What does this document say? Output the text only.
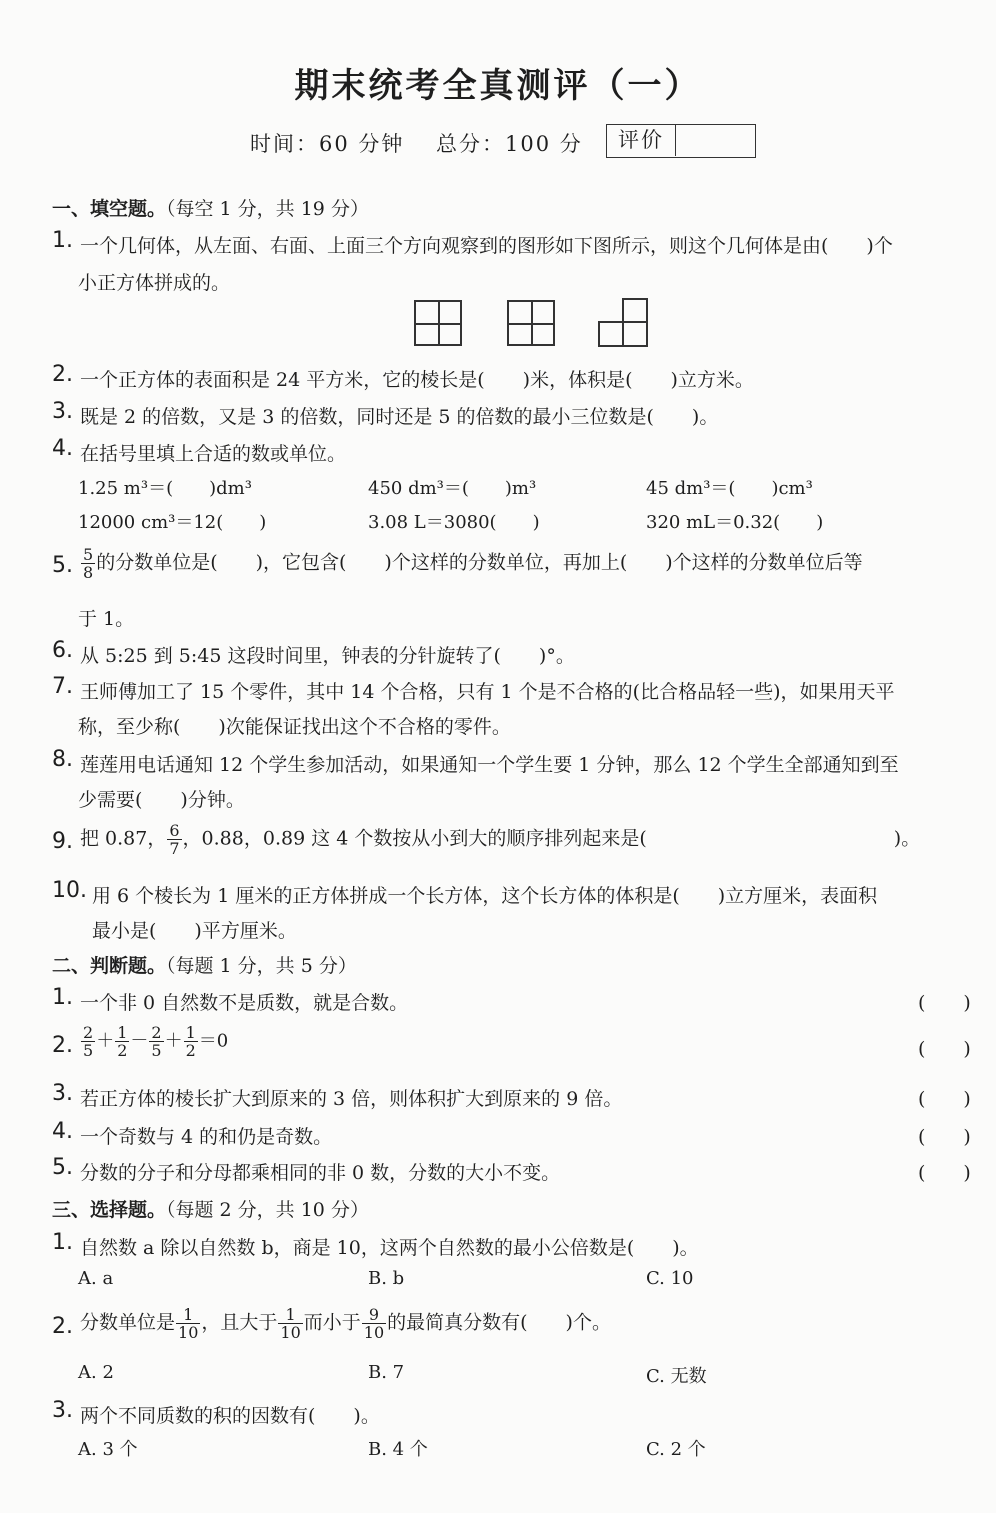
期末统考全真测评（一）
时间：60 分钟 总分：100 分	评价
一、填空题。（每空 1 分，共 19 分）
1. 一个几何体，从左面、右面、上面三个方向观察到的图形如下图所示，则这个几何体是由(　　)个
小正方体拼成的。
2. 一个正方体的表面积是 24 平方米，它的棱长是(　　)米，体积是(　　)立方米。
3. 既是 2 的倍数，又是 3 的倍数，同时还是 5 的倍数的最小三位数是(　　)。
4. 在括号里填上合适的数或单位。
1.25 m³＝(　　)dm³	450 dm³＝(　　)m³	45 dm³＝(　　)cm³
12000 cm³＝12(　　)	3.08 L＝3080(　　)	320 mL＝0.32(　　)
5. $\frac{5}{8}$ 的分数单位是(　　)，它包含(　　)个这样的分数单位，再加上(　　)个这样的分数单位后等
于 1。
6. 从 5:25 到 5:45 这段时间里，钟表的分针旋转了(　　)°。
7. 王师傅加工了 15 个零件，其中 14 个合格，只有 1 个是不合格的(比合格品轻一些)，如果用天平
称，至少称(　　)次能保证找出这个不合格的零件。
8. 莲莲用电话通知 12 个学生参加活动，如果通知一个学生要 1 分钟，那么 12 个学生全部通知到至
少需要(　　)分钟。
9. 把 0.87， $\frac{6}{7}$ ，0.88，0.89 这 4 个数按从小到大的顺序排列起来是(　　　　　　　　　　　　　)。
10. 用 6 个棱长为 1 厘米的正方体拼成一个长方体，这个长方体的体积是(　　)立方厘米，表面积
最小是(　　)平方厘米。
二、判断题。（每题 1 分，共 5 分）
1. 一个非 0 自然数不是质数，就是合数。	(　　)
2. $\frac{2}{5} + \frac{1}{2} - \frac{2}{5} + \frac{1}{2} =0$	(　　)
3. 若正方体的棱长扩大到原来的 3 倍，则体积扩大到原来的 9 倍。	(　　)
4. 一个奇数与 4 的和仍是奇数。	(　　)
5. 分数的分子和分母都乘相同的非 0 数，分数的大小不变。	(　　)
三、选择题。（每题 2 分，共 10 分）
1. 自然数 a 除以自然数 b，商是 10，这两个自然数的最小公倍数是(　　)。
A. a	B. b	C. 10
2. 分数单位是 $\frac{1}{10}$ ，且大于 $\frac{1}{10}$ 而小于 $\frac{9}{10}$ 的最简真分数有(　　)个。
A. 2	B. 7	C. 无数
3. 两个不同质数的积的因数有(　　)。
A. 3 个	B. 4 个	C. 2 个
